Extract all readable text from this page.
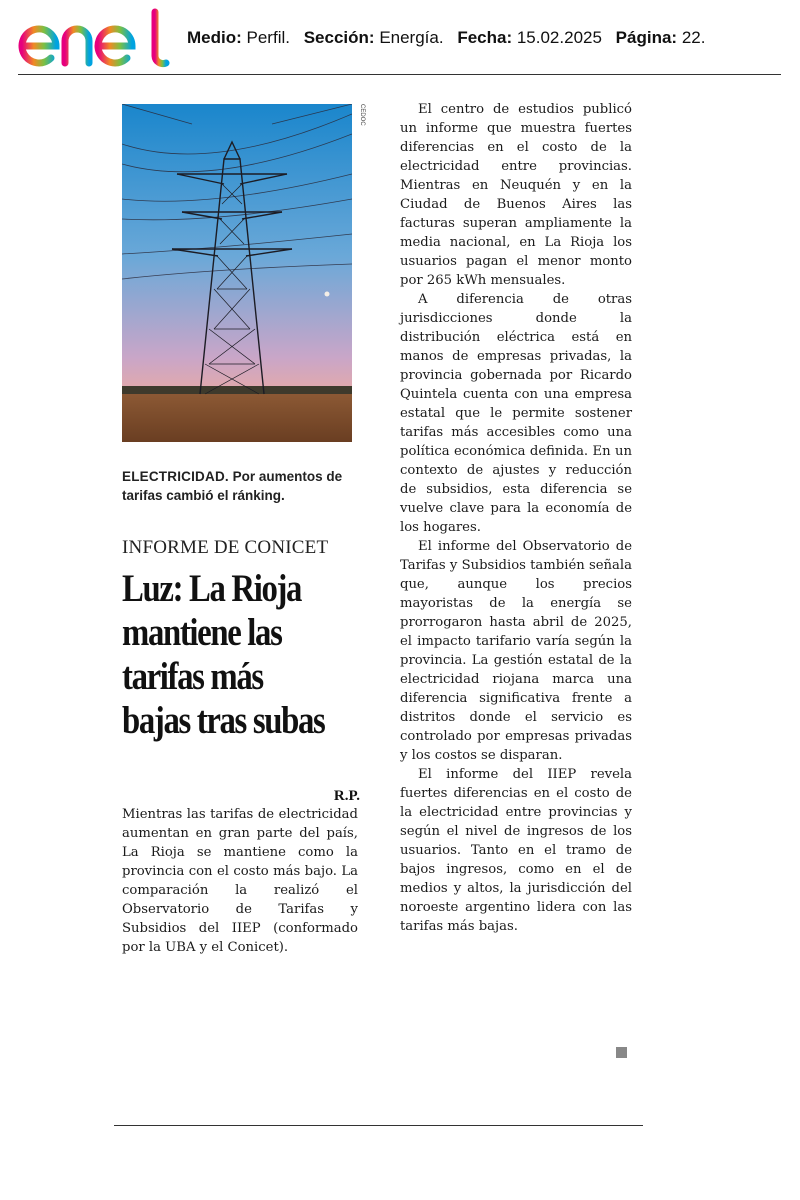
Medio: Perfil. Sección: Energía. Fecha: 15.02.2025 Página: 22.
CEDOC
ELECTRICIDAD. Por aumentos de tarifas cambió el ránking.
INFORME DE CONICET
Luz: La Rioja mantiene las tarifas más bajas tras subas
R.P.

Mientras las tarifas de electricidad aumentan en gran parte del país, La Rioja se mantiene como la provincia con el costo más bajo. La comparación la realizó el Observatorio de Tarifas y Subsidios del IIEP (conformado por la UBA y el Conicet).

El centro de estudios publicó un informe que muestra fuertes diferencias en el costo de la electricidad entre provincias. Mientras en Neuquén y en la Ciudad de Buenos Aires las facturas superan ampliamente la media nacional, en La Rioja los usuarios pagan el menor monto por 265 kWh mensuales.

A diferencia de otras jurisdicciones donde la distribución eléctrica está en manos de empresas privadas, la provincia gobernada por Ricardo Quintela cuenta con una empresa estatal que le permite sostener tarifas más accesibles como una política económica definida. En un contexto de ajustes y reducción de subsidios, esta diferencia se vuelve clave para la economía de los hogares.

El informe del Observatorio de Tarifas y Subsidios también señala que, aunque los precios mayoristas de la energía se prorrogaron hasta abril de 2025, el impacto tarifario varía según la provincia. La gestión estatal de la electricidad riojana marca una diferencia significativa frente a distritos donde el servicio es controlado por empresas privadas y los costos se disparan.

El informe del IIEP revela fuertes diferencias en el costo de la electricidad entre provincias y según el nivel de ingresos de los usuarios. Tanto en el tramo de bajos ingresos, como en el de medios y altos, la jurisdicción del noroeste argentino lidera con las tarifas más bajas.
